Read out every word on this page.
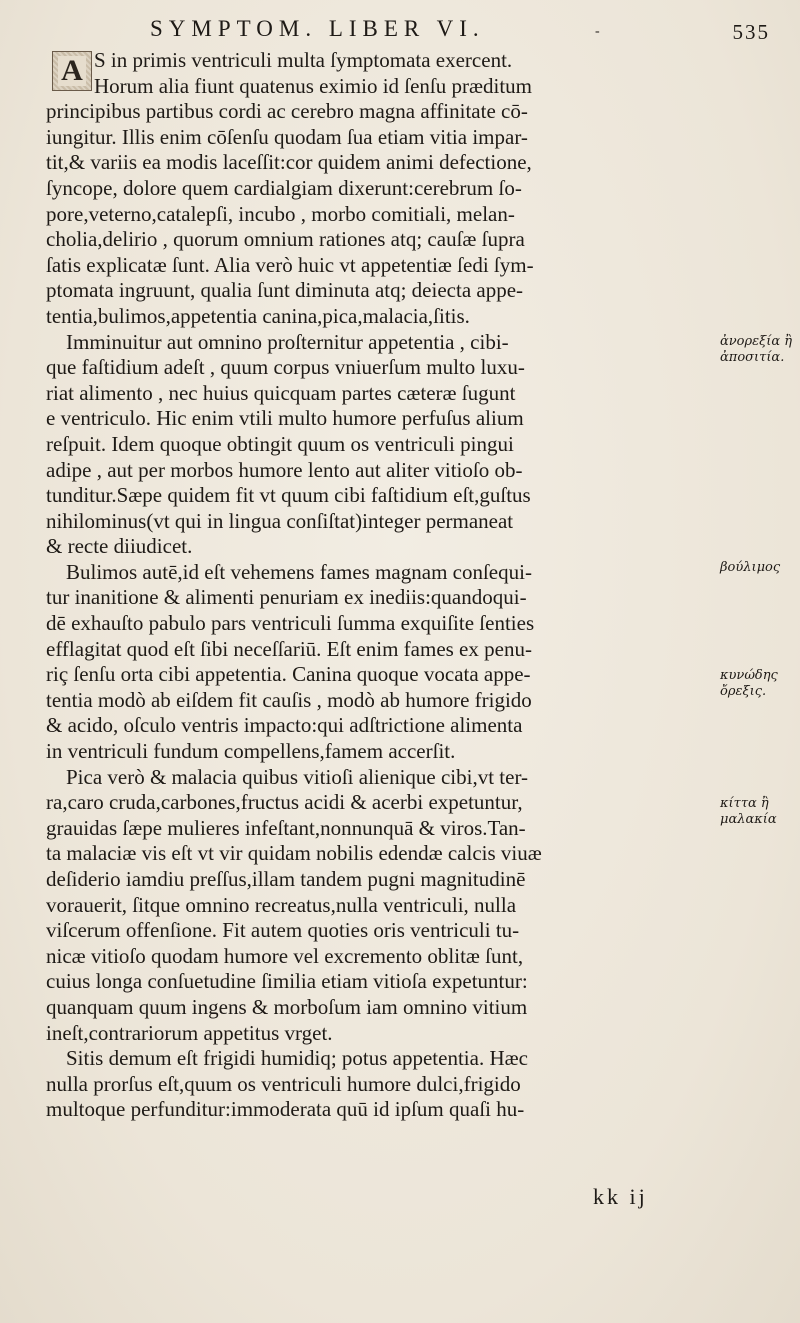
SYMPTOM. LIBER VI.	-	535
A S in primis ventriculi multa ſymptomata exercent.
Horum alia fiunt quatenus eximio id ſenſu præditum
principibus partibus cordi ac cerebro magna affinitate cō-
iungitur. Illis enim cōſenſu quodam ſua etiam vitia impar-
tit,& variis ea modis laceſſit:cor quidem animi defectione,
ſyncope, dolore quem cardialgiam dixerunt:cerebrum ſo-
pore,veterno,catalepſi, incubo , morbo comitiali, melan-
cholia,delirio , quorum omnium rationes atq; cauſæ ſupra
ſatis explicatæ ſunt. Alia verò huic vt appetentiæ ſedi ſym-
ptomata ingruunt, qualia ſunt diminuta atq; deiecta appe-
tentia,bulimos,appetentia canina,pica,malacia,ſitis.
Imminuitur aut omnino proſternitur appetentia , cibi-
que faſtidium adeſt , quum corpus vniuerſum multo luxu-
riat alimento , nec huius quicquam partes cæteræ ſugunt
e ventriculo. Hic enim vtili multo humore perfuſus alium
reſpuit. Idem quoque obtingit quum os ventriculi pingui
adipe , aut per morbos humore lento aut aliter vitioſo ob-
tunditur.Sæpe quidem fit vt quum cibi faſtidium eſt,guſtus
nihilominus(vt qui in lingua conſiſtat)integer permaneat
& recte diiudicet.
Bulimos autē,id eſt vehemens fames magnam conſequi-
tur inanitione & alimenti penuriam ex inediis:quandoqui-
dē exhauſto pabulo pars ventriculi ſumma exquiſite ſenties
efflagitat quod eſt ſibi neceſſariū. Eſt enim fames ex penu-
riç ſenſu orta cibi appetentia. Canina quoque vocata appe-
tentia modò ab eiſdem fit cauſis , modò ab humore frigido
& acido, oſculo ventris impacto:qui adſtrictione alimenta
in ventriculi fundum compellens,famem accerſit.
Pica verò & malacia quibus vitioſi alienique cibi,vt ter-
ra,caro cruda,carbones,fructus acidi & acerbi expetuntur,
grauidas ſæpe mulieres infeſtant,nonnunquā & viros.Tan-
ta malaciæ vis eſt vt vir quidam nobilis edendæ calcis viuæ
deſiderio iamdiu preſſus,illam tandem pugni magnitudinē
vorauerit, ſitque omnino recreatus,nulla ventriculi, nulla
viſcerum offenſione. Fit autem quoties oris ventriculi tu-
nicæ vitioſo quodam humore vel excremento oblitæ ſunt,
cuius longa conſuetudine ſimilia etiam vitioſa expetuntur:
quanquam quum ingens & morboſum iam omnino vitium
ineſt,contrariorum appetitus vrget.
Sitis demum eſt frigidi humidiq; potus appetentia. Hæc
nulla prorſus eſt,quum os ventriculi humore dulci,frigido
multoque perfunditur:immoderata quū id ipſum quaſi hu-
ἀνορεξία ἢ
ἀποσιτία.
βούλιμος
κυνώδης
ὄρεξις.
κίττα ἢ
μαλακία
kk ij
